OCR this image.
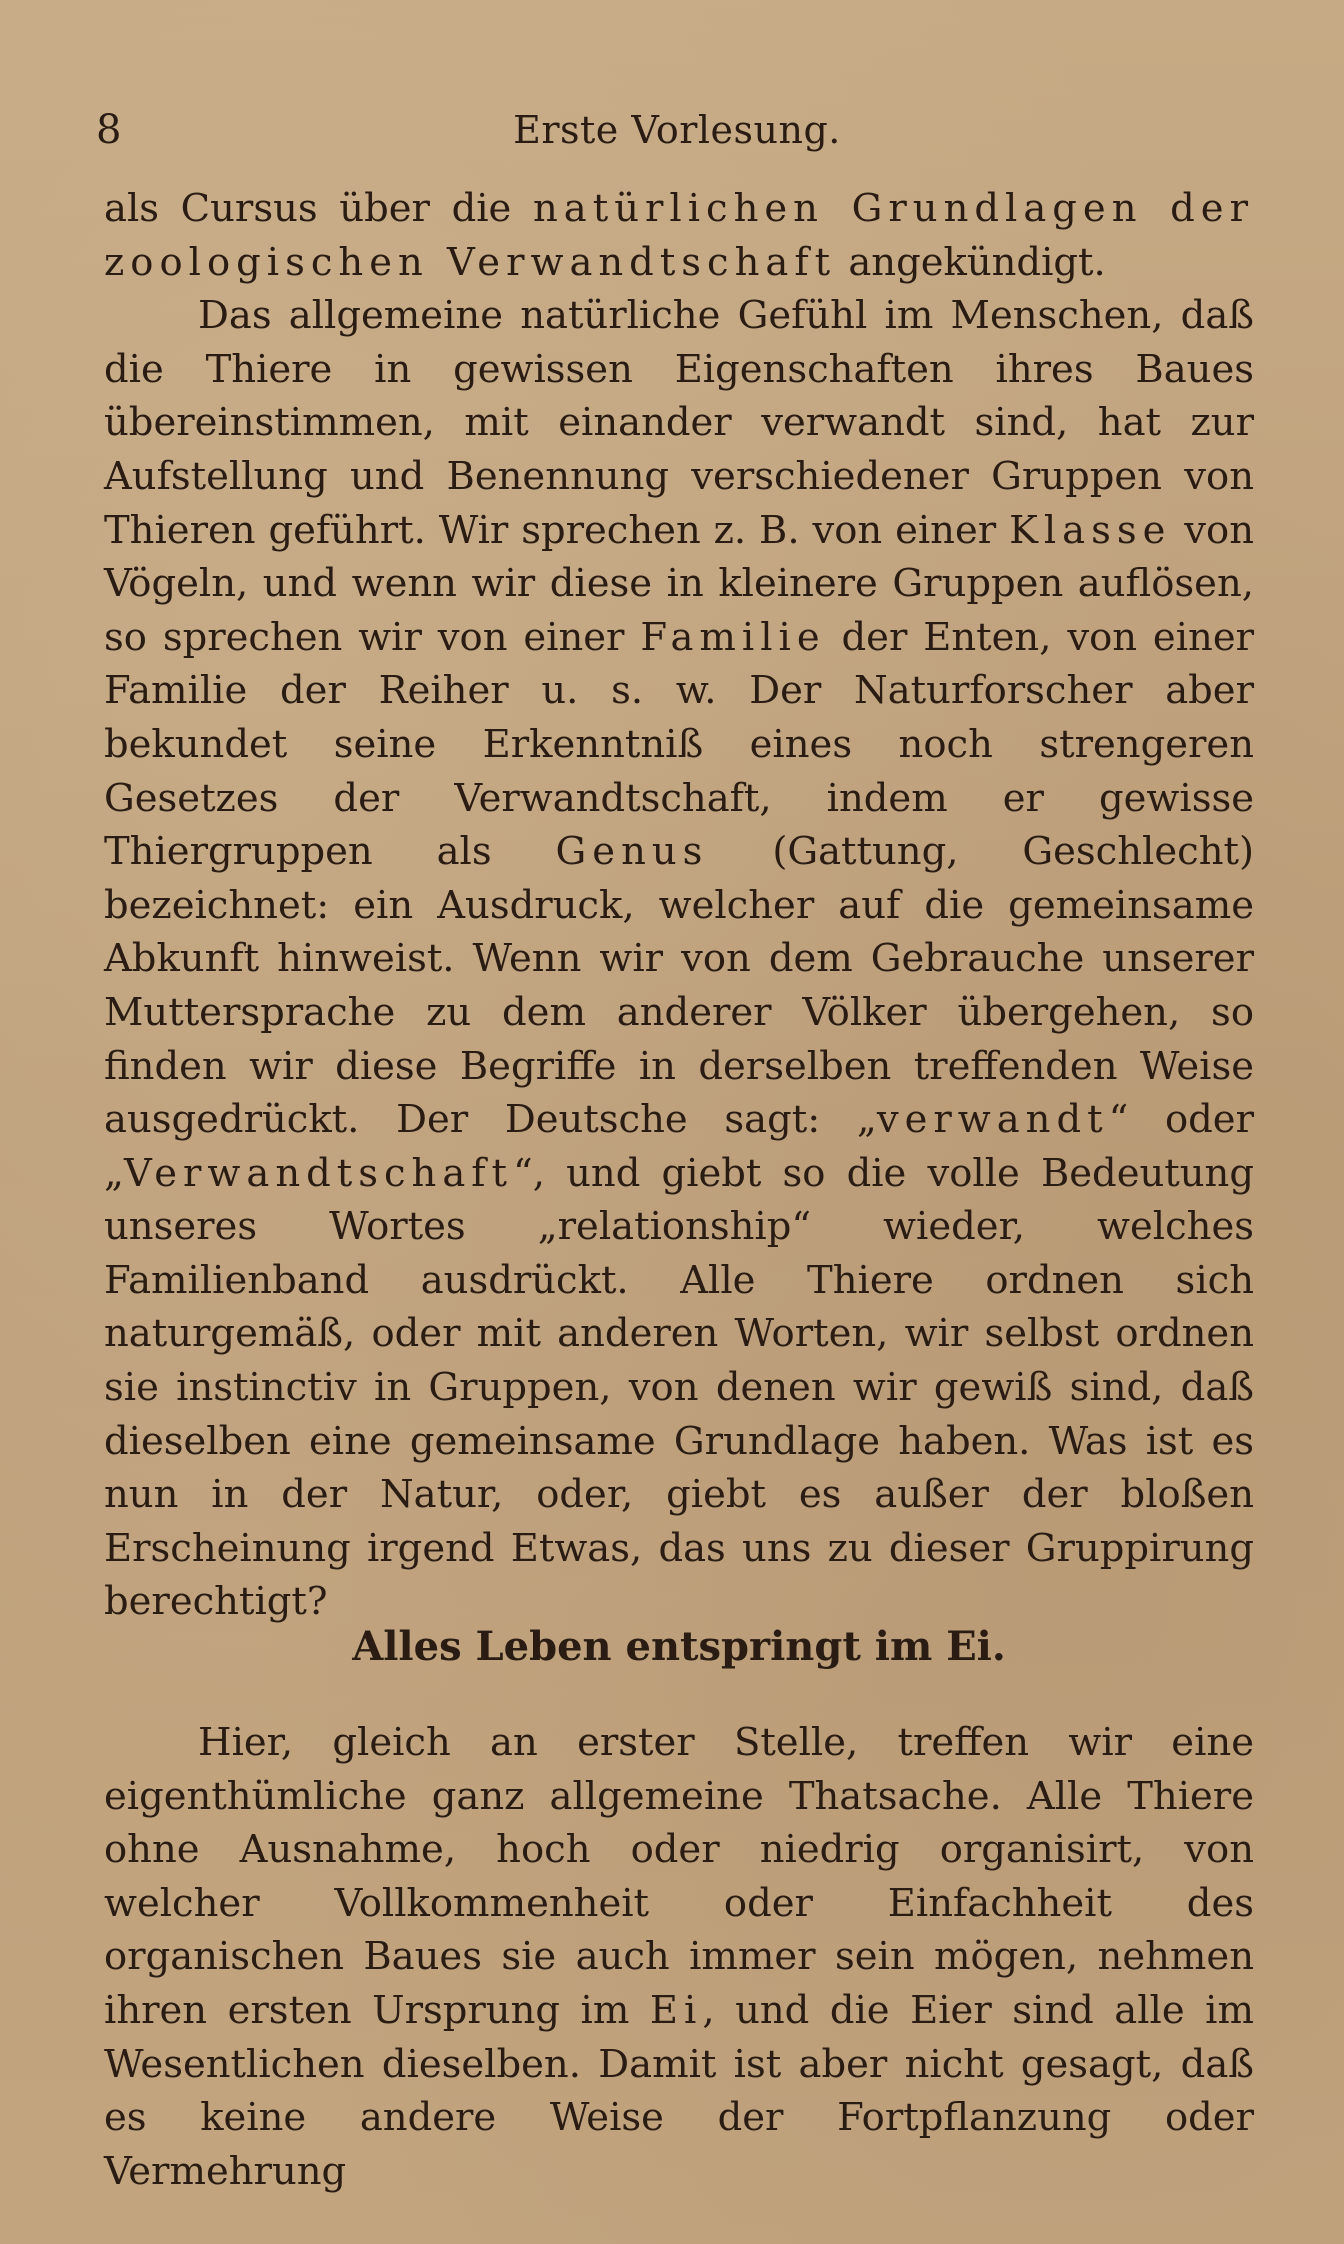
8	Erste Vorlesung.

als Cursus über die natürlichen Grundlagen der zoologischen Verwandtschaft angekündigt.

Das allgemeine natürliche Gefühl im Menschen, daß die Thiere in gewissen Eigenschaften ihres Baues übereinstimmen, mit einander verwandt sind, hat zur Aufstellung und Benennung verschiedener Gruppen von Thieren geführt. Wir sprechen z. B. von einer Klasse von Vögeln, und wenn wir diese in kleinere Gruppen auflösen, so sprechen wir von einer Familie der Enten, von einer Familie der Reiher u. s. w. Der Naturforscher aber bekundet seine Erkenntniß eines noch strengeren Gesetzes der Verwandtschaft, indem er gewisse Thiergruppen als Genus (Gattung, Geschlecht) bezeichnet: ein Ausdruck, welcher auf die gemeinsame Abkunft hinweist. Wenn wir von dem Gebrauche unserer Muttersprache zu dem anderer Völker übergehen, so finden wir diese Begriffe in derselben treffenden Weise ausgedrückt. Der Deutsche sagt: „verwandt“ oder „Verwandtschaft“, und giebt so die volle Bedeutung unseres Wortes „relationship“ wieder, welches Familienband ausdrückt. Alle Thiere ordnen sich naturgemäß, oder mit anderen Worten, wir selbst ordnen sie instinctiv in Gruppen, von denen wir gewiß sind, daß dieselben eine gemeinsame Grundlage haben. Was ist es nun in der Natur, oder, giebt es außer der bloßen Erscheinung irgend Etwas, das uns zu dieser Gruppirung berechtigt?

Alles Leben entspringt im Ei.

Hier, gleich an erster Stelle, treffen wir eine eigenthümliche ganz allgemeine Thatsache. Alle Thiere ohne Ausnahme, hoch oder niedrig organisirt, von welcher Vollkommenheit oder Einfachheit des organischen Baues sie auch immer sein mögen, nehmen ihren ersten Ursprung im Ei, und die Eier sind alle im Wesentlichen dieselben. Damit ist aber nicht gesagt, daß es keine andere Weise der Fortpflanzung oder Vermehrung
